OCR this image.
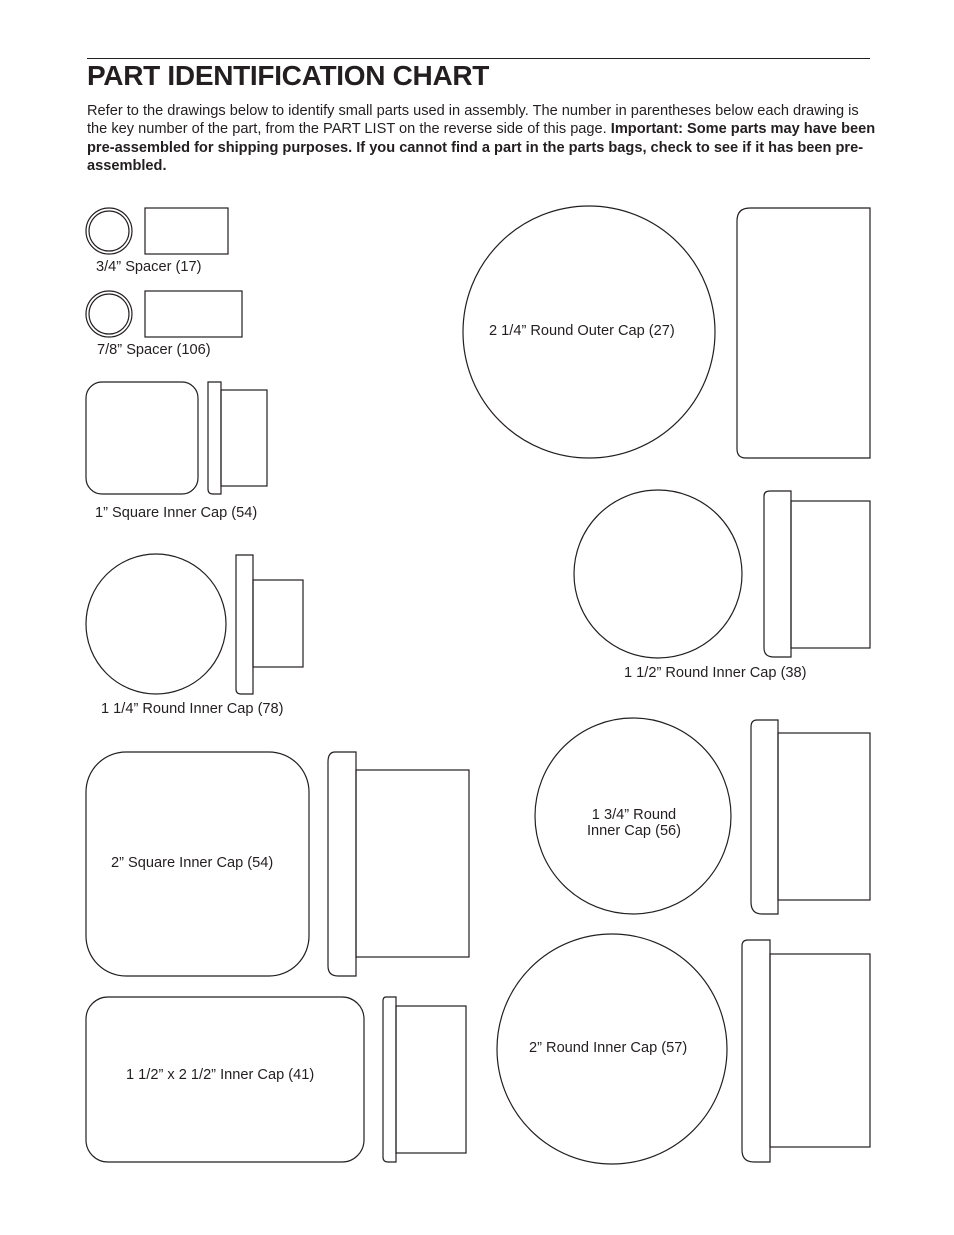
PART IDENTIFICATION CHART

Refer to the drawings below to identify small parts used in assembly. The number in parentheses below each drawing is the key number of the part, from the PART LIST on the reverse side of this page. Important: Some parts may have been pre-assembled for shipping purposes. If you cannot find a part in the parts bags, check to see if it has been pre-assembled.

3/4” Spacer (17)
7/8” Spacer (106)
1” Square Inner Cap (54)
1 1/4” Round Inner Cap (78)
2” Square Inner Cap (54)
1 1/2” x 2 1/2” Inner Cap (41)
2 1/4” Round Outer Cap (27)
1 1/2” Round Inner Cap (38)
1 3/4” Round
Inner Cap (56)
2” Round Inner Cap (57)
